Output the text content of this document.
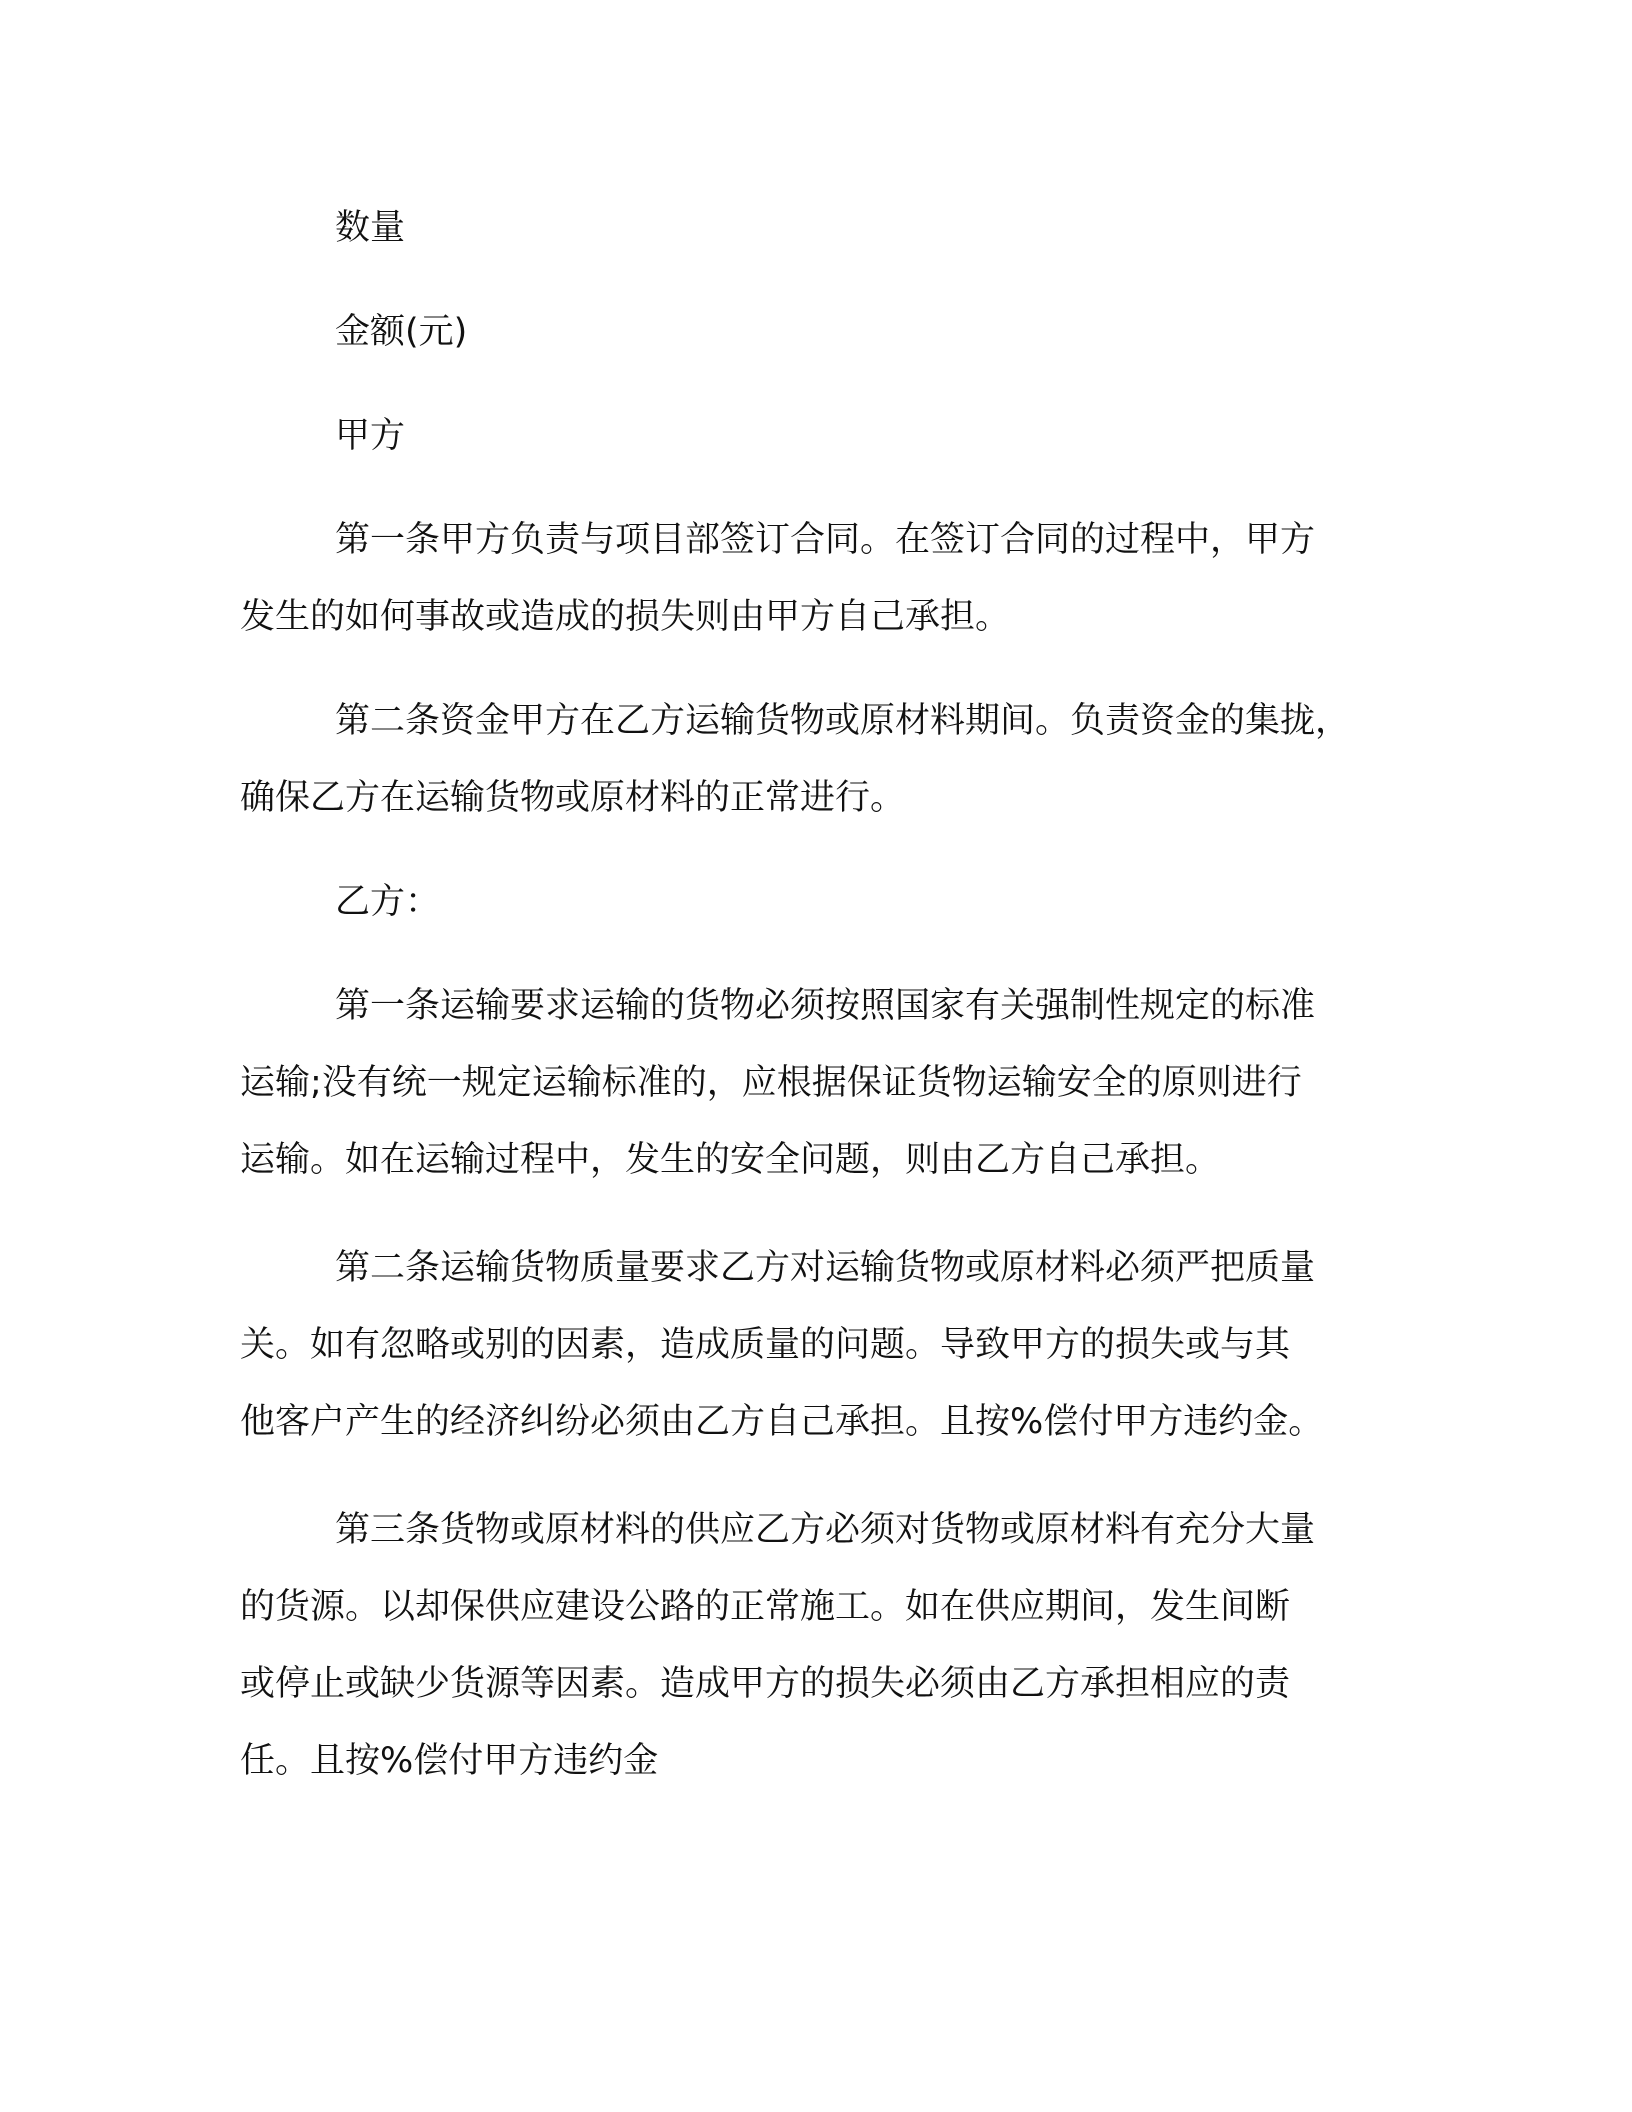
数量

金额(元)

甲方

第一条甲方负责与项目部签订合同。在签订合同的过程中，甲方

发生的如何事故或造成的损失则由甲方自己承担。

第二条资金甲方在乙方运输货物或原材料期间。负责资金的集拢，

确保乙方在运输货物或原材料的正常进行。

乙方：

第一条运输要求运输的货物必须按照国家有关强制性规定的标准

运输;没有统一规定运输标准的，应根据保证货物运输安全的原则进行

运输。如在运输过程中，发生的安全问题，则由乙方自己承担。

第二条运输货物质量要求乙方对运输货物或原材料必须严把质量

关。如有忽略或别的因素，造成质量的问题。导致甲方的损失或与其

他客户产生的经济纠纷必须由乙方自己承担。且按%偿付甲方违约金。

第三条货物或原材料的供应乙方必须对货物或原材料有充分大量

的货源。以却保供应建设公路的正常施工。如在供应期间，发生间断

或停止或缺少货源等因素。造成甲方的损失必须由乙方承担相应的责

任。且按%偿付甲方违约金
